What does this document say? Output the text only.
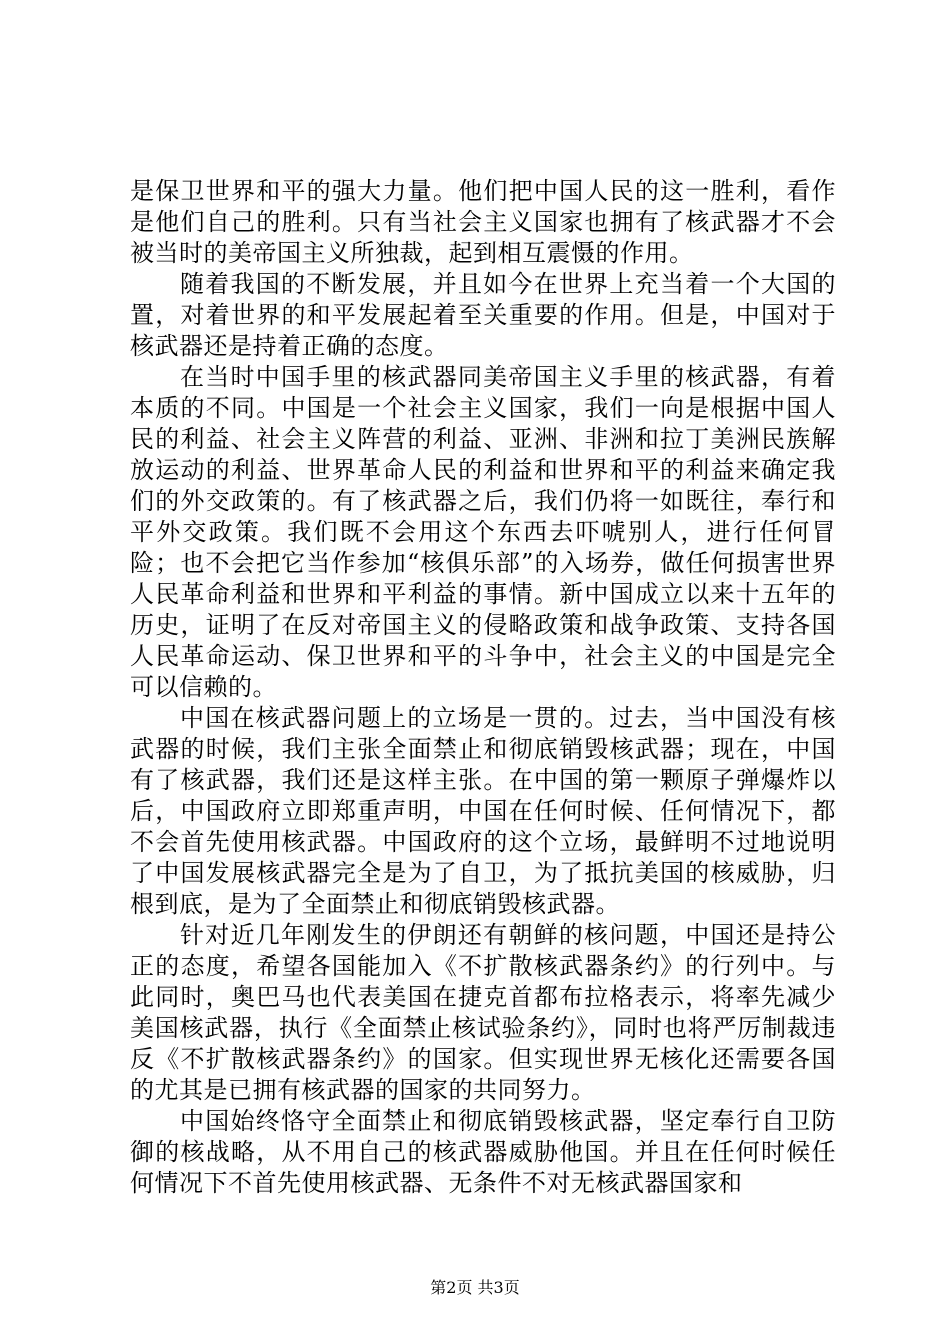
是保卫世界和平的强大力量。他们把中国人民的这一胜利，看作是他们自己的胜利。只有当社会主义国家也拥有了核武器才不会被当时的美帝国主义所独裁，起到相互震慑的作用。

随着我国的不断发展，并且如今在世界上充当着一个大国的置，对着世界的和平发展起着至关重要的作用。但是，中国对于核武器还是持着正确的态度。

在当时中国手里的核武器同美帝国主义手里的核武器，有着本质的不同。中国是一个社会主义国家，我们一向是根据中国人民的利益、社会主义阵营的利益、亚洲、非洲和拉丁美洲民族解放运动的利益、世界革命人民的利益和世界和平的利益来确定我们的外交政策的。有了核武器之后，我们仍将一如既往，奉行和平外交政策。我们既不会用这个东西去吓唬别人，进行任何冒险；也不会把它当作参加“核俱乐部”的入场券，做任何损害世界人民革命利益和世界和平利益的事情。新中国成立以来十五年的历史，证明了在反对帝国主义的侵略政策和战争政策、支持各国人民革命运动、保卫世界和平的斗争中，社会主义的中国是完全可以信赖的。

中国在核武器问题上的立场是一贯的。过去，当中国没有核武器的时候，我们主张全面禁止和彻底销毁核武器；现在，中国有了核武器，我们还是这样主张。在中国的第一颗原子弹爆炸以后，中国政府立即郑重声明，中国在任何时候、任何情况下，都不会首先使用核武器。中国政府的这个立场，最鲜明不过地说明了中国发展核武器完全是为了自卫，为了抵抗美国的核威胁，归根到底，是为了全面禁止和彻底销毁核武器。

针对近几年刚发生的伊朗还有朝鲜的核问题，中国还是持公正的态度，希望各国能加入《不扩散核武器条约》的行列中。与此同时，奥巴马也代表美国在捷克首都布拉格表示，将率先减少美国核武器，执行《全面禁止核试验条约》，同时也将严厉制裁违反《不扩散核武器条约》的国家。但实现世界无核化还需要各国的尤其是已拥有核武器的国家的共同努力。

中国始终恪守全面禁止和彻底销毁核武器，坚定奉行自卫防御的核战略，从不用自己的核武器威胁他国。并且在任何时候任何情况下不首先使用核武器、无条件不对无核武器国家和

第2页 共3页
